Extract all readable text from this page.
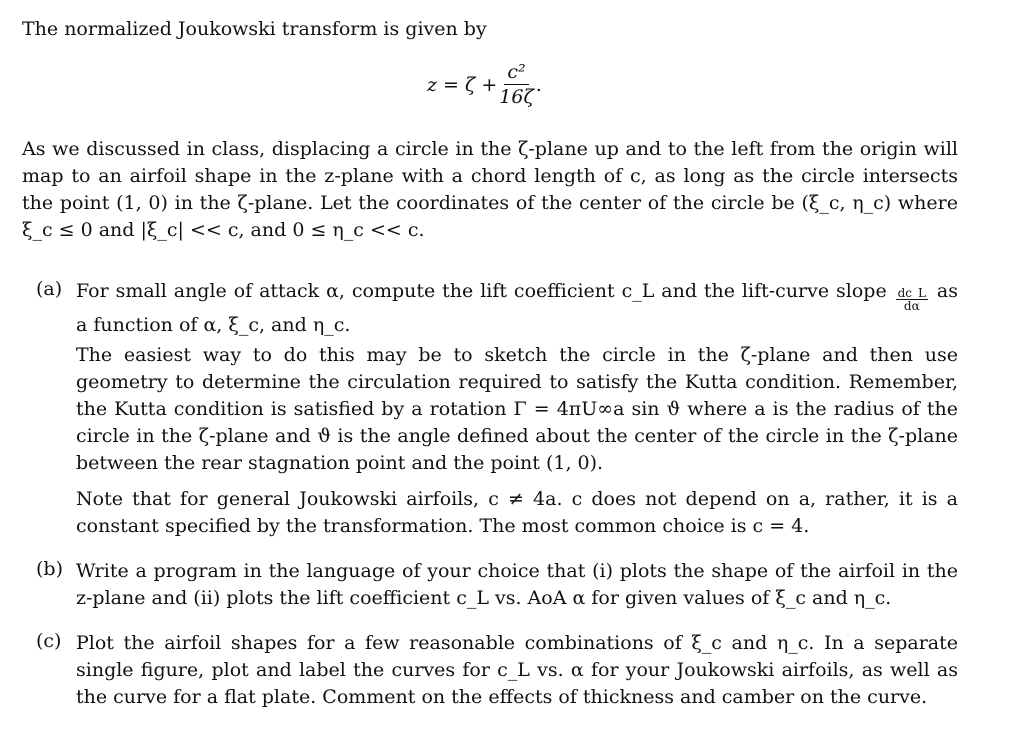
The normalized Joukowski transform is given by

$z = \zeta + \frac{\text{c²}}{16\zeta}$ .

As we discussed in class, displacing a circle in the ζ-plane up and to the left from the origin will map to an airfoil shape in the z-plane with a chord length of c, as long as the circle intersects the point (1, 0) in the ζ-plane. Let the coordinates of the center of the circle be (ξ_c, η_c) where ξ_c ≤ 0 and |ξ_c| << c, and 0 ≤ η_c << c.

(a) For small angle of attack α, compute the lift coefficient c_L and the lift-curve slope $\frac{dc\_L}{d\alpha}$ as a function of α, ξ_c, and η_c.

The easiest way to do this may be to sketch the circle in the ζ-plane and then use geometry to determine the circulation required to satisfy the Kutta condition. Remember, the Kutta condition is satisfied by a rotation Γ = 4πU∞a sin ϑ where a is the radius of the circle in the ζ-plane and ϑ is the angle defined about the center of the circle in the ζ-plane between the rear stagnation point and the point (1, 0).

Note that for general Joukowski airfoils, c ≠ 4a. c does not depend on a, rather, it is a constant specified by the transformation. The most common choice is c = 4.

(b) Write a program in the language of your choice that (i) plots the shape of the airfoil in the z-plane and (ii) plots the lift coefficient c_L vs. AoA α for given values of ξ_c and η_c.

(c) Plot the airfoil shapes for a few reasonable combinations of ξ_c and η_c. In a separate single figure, plot and label the curves for c_L vs. α for your Joukowski airfoils, as well as the curve for a flat plate. Comment on the effects of thickness and camber on the curve.
